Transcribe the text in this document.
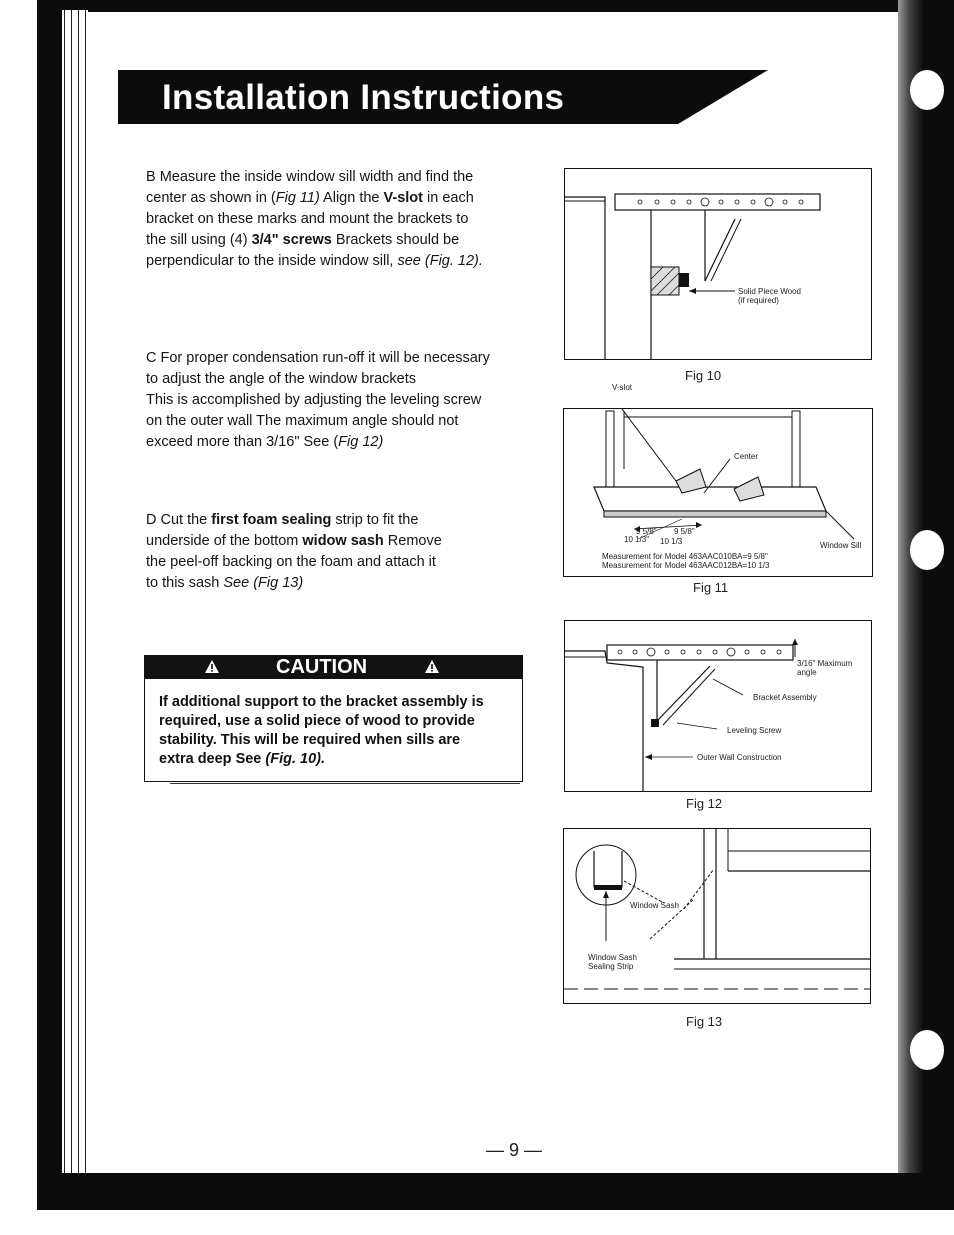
Installation Instructions
B Measure the inside window sill width and find the
center as shown in (Fig 11) Align the V-slot in each
bracket on these marks and mount the brackets to
the sill using (4) 3/4" screws Brackets should be
perpendicular to the inside window sill, see (Fig. 12).
C For proper condensation run-off it will be necessary
to adjust the angle of the window brackets
This is accomplished by adjusting the leveling screw
on the outer wall The maximum angle should not
exceed more than 3/16" See (Fig 12)
D Cut the first foam sealing strip to fit the
underside of the bottom widow sash Remove
the peel-off backing on the foam and attach it
to this sash See (Fig 13)
CAUTION
If additional support to the bracket assembly is
required, use a solid piece of wood to provide
stability. This will be required when sills are
extra deep See (Fig. 10).
Solid Piece Wood
(if required)
Fig 10
V-slot
Center
9 5/8" 9 5/8"
10 1/3" 10 1/3	Window Sill
Measurement for Model 463AAC010BA=9 5/8"
Measurement for Model 463AAC012BA=10 1/3
Fig 11
3/16" Maximum
angle
Bracket Assembly
Leveling Screw
Outer Wall Construction
Fig 12
Window Sash
Window Sash
Sealing Strip
Fig 13
— 9 —
